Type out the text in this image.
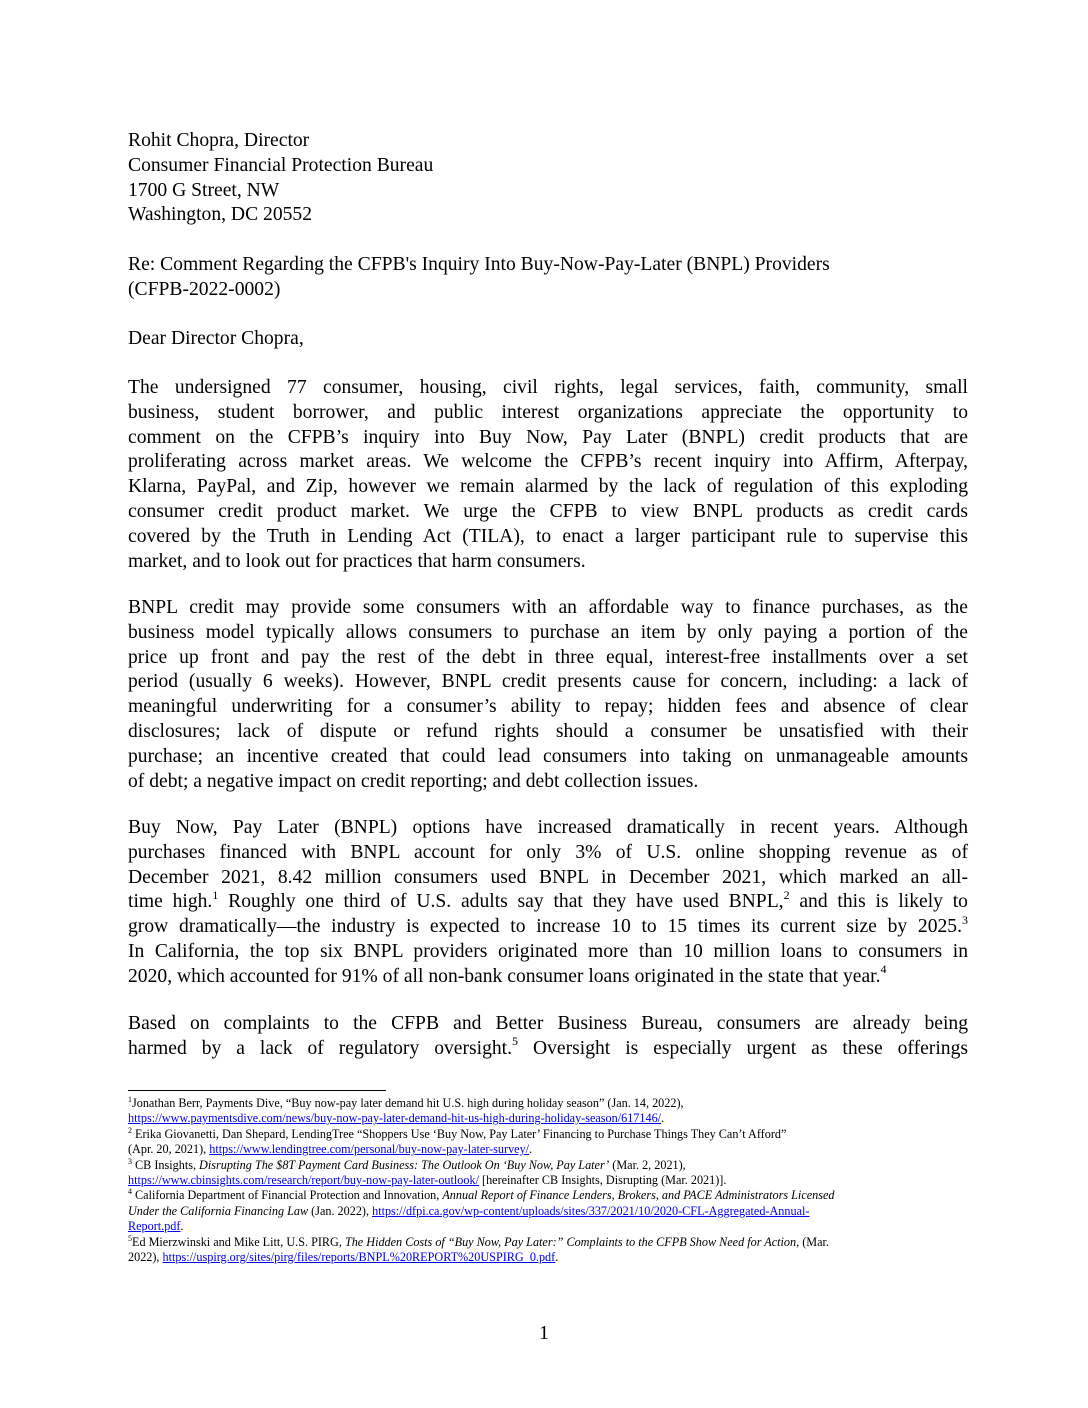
Rohit Chopra, Director
Consumer Financial Protection Bureau
1700 G Street, NW
Washington, DC 20552
Re: Comment Regarding the CFPB's Inquiry Into Buy-Now-Pay-Later (BNPL) Providers
(CFPB-2022-0002)
Dear Director Chopra,
The undersigned 77 consumer, housing, civil rights, legal services, faith, community, small
business, student borrower, and public interest organizations appreciate the opportunity to
comment on the CFPB’s inquiry into Buy Now, Pay Later (BNPL) credit products that are
proliferating across market areas. We welcome the CFPB’s recent inquiry into Affirm, Afterpay,
Klarna, PayPal, and Zip, however we remain alarmed by the lack of regulation of this exploding
consumer credit product market. We urge the CFPB to view BNPL products as credit cards
covered by the Truth in Lending Act (TILA), to enact a larger participant rule to supervise this
market, and to look out for practices that harm consumers.
BNPL credit may provide some consumers with an affordable way to finance purchases, as the
business model typically allows consumers to purchase an item by only paying a portion of the
price up front and pay the rest of the debt in three equal, interest-free installments over a set
period (usually 6 weeks). However, BNPL credit presents cause for concern, including: a lack of
meaningful underwriting for a consumer’s ability to repay; hidden fees and absence of clear
disclosures; lack of dispute or refund rights should a consumer be unsatisfied with their
purchase; an incentive created that could lead consumers into taking on unmanageable amounts
of debt; a negative impact on credit reporting; and debt collection issues.
Buy Now, Pay Later (BNPL) options have increased dramatically in recent years. Although
purchases financed with BNPL account for only 3% of U.S. online shopping revenue as of
December 2021, 8.42 million consumers used BNPL in December 2021, which marked an all-
time high.$^1$ Roughly one third of U.S. adults say that they have used BNPL,$^2$ and this is likely to
grow dramatically—the industry is expected to increase 10 to 15 times its current size by 2025.$^3$
In California, the top six BNPL providers originated more than 10 million loans to consumers in
2020, which accounted for 91% of all non-bank consumer loans originated in the state that year.$^4$
Based on complaints to the CFPB and Better Business Bureau, consumers are already being
harmed by a lack of regulatory oversight.$^5$ Oversight is especially urgent as these offerings
$^1$Jonathan Berr, Payments Dive, “Buy now-pay later demand hit U.S. high during holiday season” (Jan. 14, 2022),
https://www.paymentsdive.com/news/buy-now-pay-later-demand-hit-us-high-during-holiday-season/617146/.
$^2$ Erika Giovanetti, Dan Shepard, LendingTree “Shoppers Use ‘Buy Now, Pay Later’ Financing to Purchase Things They Can’t Afford”
(Apr. 20, 2021), https://www.lendingtree.com/personal/buy-now-pay-later-survey/.
$^3$ CB Insights, Disrupting The $8T Payment Card Business: The Outlook On ‘Buy Now, Pay Later’ (Mar. 2, 2021),
https://www.cbinsights.com/research/report/buy-now-pay-later-outlook/ [hereinafter CB Insights, Disrupting (Mar. 2021)].
$^4$ California Department of Financial Protection and Innovation, Annual Report of Finance Lenders, Brokers, and PACE Administrators Licensed
Under the California Financing Law (Jan. 2022), https://dfpi.ca.gov/wp-content/uploads/sites/337/2021/10/2020-CFL-Aggregated-Annual-
Report.pdf.
$^5$Ed Mierzwinski and Mike Litt, U.S. PIRG, The Hidden Costs of “Buy Now, Pay Later:” Complaints to the CFPB Show Need for Action, (Mar.
2022), https://uspirg.org/sites/pirg/files/reports/BNPL%20REPORT%20USPIRG_0.pdf.
1
